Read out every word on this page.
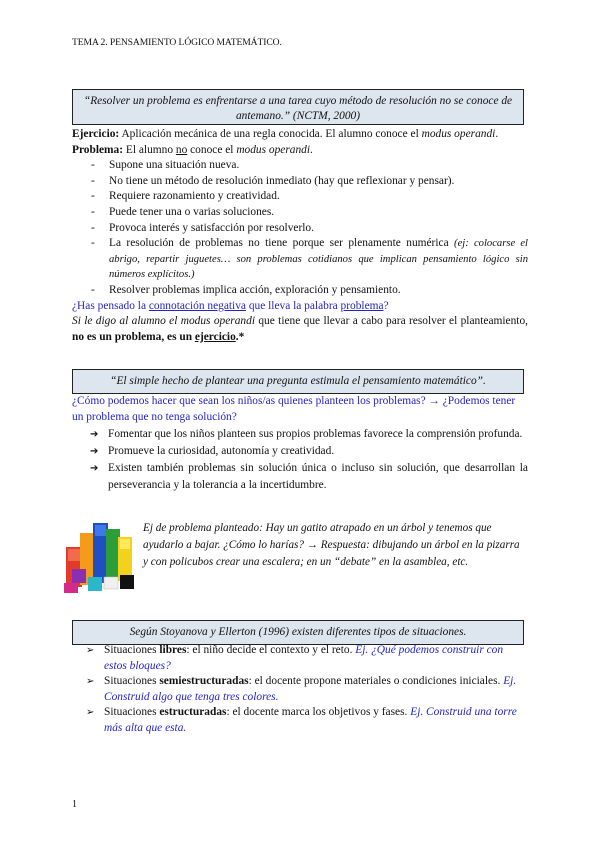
TEMA 2. PENSAMIENTO LÓGICO MATEMÁTICO.
“Resolver un problema es enfrentarse a una tarea cuyo método de resolución no se conoce de antemano.” (NCTM, 2000)

Ejercicio: Aplicación mecánica de una regla conocida. El alumno conoce el modus operandi.

Problema: El alumno no conoce el modus operandi.

- Supone una situación nueva.
- No tiene un método de resolución inmediato (hay que reflexionar y pensar).
- Requiere razonamiento y creatividad.
- Puede tener una o varias soluciones.
- Provoca interés y satisfacción por resolverlo.
- La resolución de problemas no tiene porque ser plenamente numérica (ej: colocarse el abrigo, repartir juguetes… son problemas cotidianos que implican pensamiento lógico sin números explícitos.)
- Resolver problemas implica acción, exploración y pensamiento.

¿Has pensado la connotación negativa que lleva la palabra problema?

Si le digo al alumno el modus operandi que tiene que llevar a cabo para resolver el planteamiento, no es un problema, es un ejercicio.*

“El simple hecho de plantear una pregunta estimula el pensamiento matemático”.

¿Cómo podemos hacer que sean los niños/as quienes planteen los problemas? → ¿Podemos tener un problema que no tenga solución?

➔ Fomentar que los niños planteen sus propios problemas favorece la comprensión profunda.
➔ Promueve la curiosidad, autonomía y creatividad.
➔ Existen también problemas sin solución única o incluso sin solución, que desarrollan la perseverancia y la tolerancia a la incertidumbre.
Ej de problema planteado: Hay un gatito atrapado en un árbol y tenemos que ayudarlo a bajar. ¿Cómo lo harías? → Respuesta: dibujando un árbol en la pizarra y con policubos crear una escalera; en un “debate” en la asamblea, etc.
Según Stoyanova y Ellerton (1996) existen diferentes tipos de situaciones.
➢ Situaciones libres: el niño decide el contexto y el reto. Ej. ¿Qué podemos construir con estos bloques?
➢ Situaciones semiestructuradas: el docente propone materiales o condiciones iniciales. Ej. Construid algo que tenga tres colores.
➢ Situaciones estructuradas: el docente marca los objetivos y fases. Ej. Construid una torre más alta que esta.
1
